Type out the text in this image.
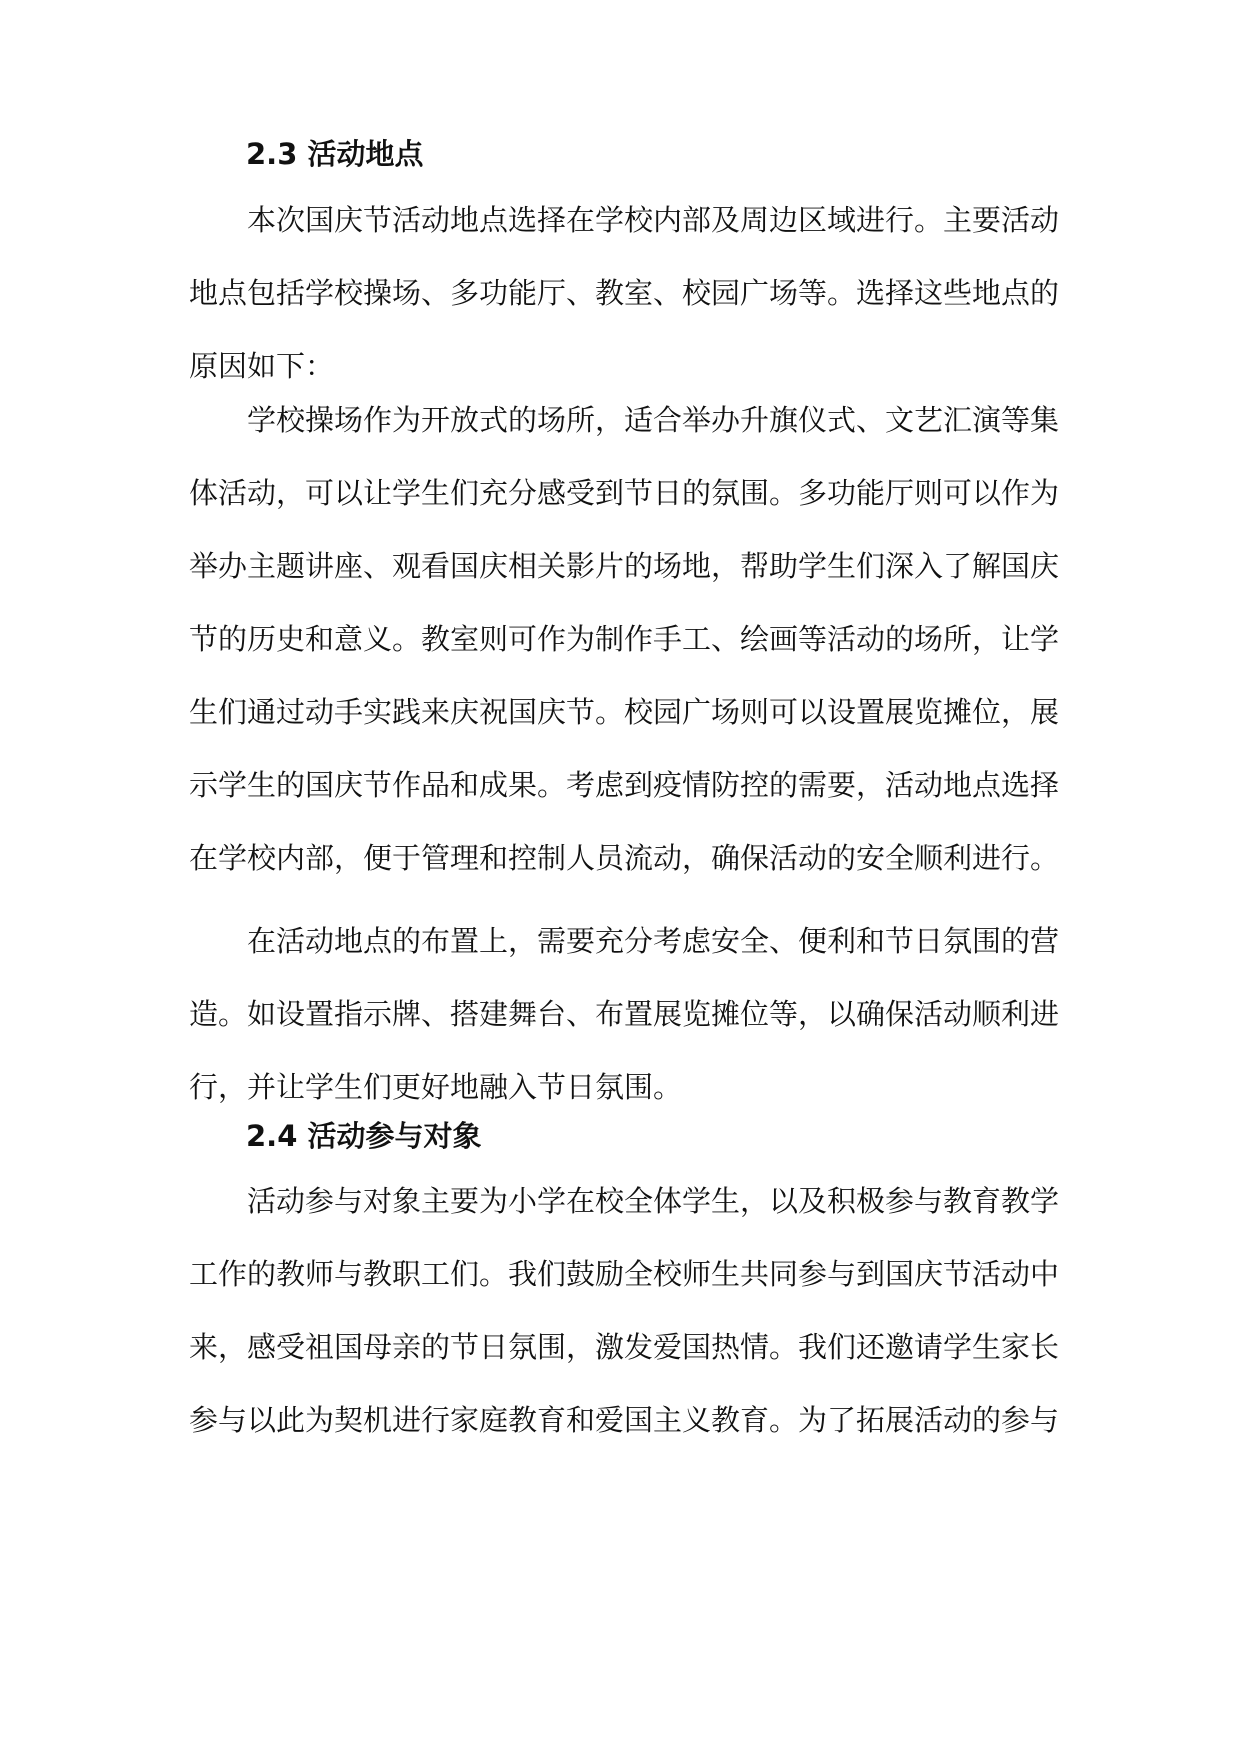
2.3 活动地点

本次国庆节活动地点选择在学校内部及周边区域进行。主要活动地点包括学校操场、多功能厅、教室、校园广场等。选择这些地点的原因如下：

学校操场作为开放式的场所，适合举办升旗仪式、文艺汇演等集体活动，可以让学生们充分感受到节日的氛围。多功能厅则可以作为举办主题讲座、观看国庆相关影片的场地，帮助学生们深入了解国庆节的历史和意义。教室则可作为制作手工、绘画等活动的场所，让学生们通过动手实践来庆祝国庆节。校园广场则可以设置展览摊位，展示学生的国庆节作品和成果。考虑到疫情防控的需要，活动地点选择在学校内部，便于管理和控制人员流动，确保活动的安全顺利进行。

在活动地点的布置上，需要充分考虑安全、便利和节日氛围的营造。如设置指示牌、搭建舞台、布置展览摊位等，以确保活动顺利进行，并让学生们更好地融入节日氛围。

2.4 活动参与对象

活动参与对象主要为小学在校全体学生，以及积极参与教育教学工作的教师与教职工们。我们鼓励全校师生共同参与到国庆节活动中来，感受祖国母亲的节日氛围，激发爱国热情。我们还邀请学生家长参与以此为契机进行家庭教育和爱国主义教育。为了拓展活动的参与
